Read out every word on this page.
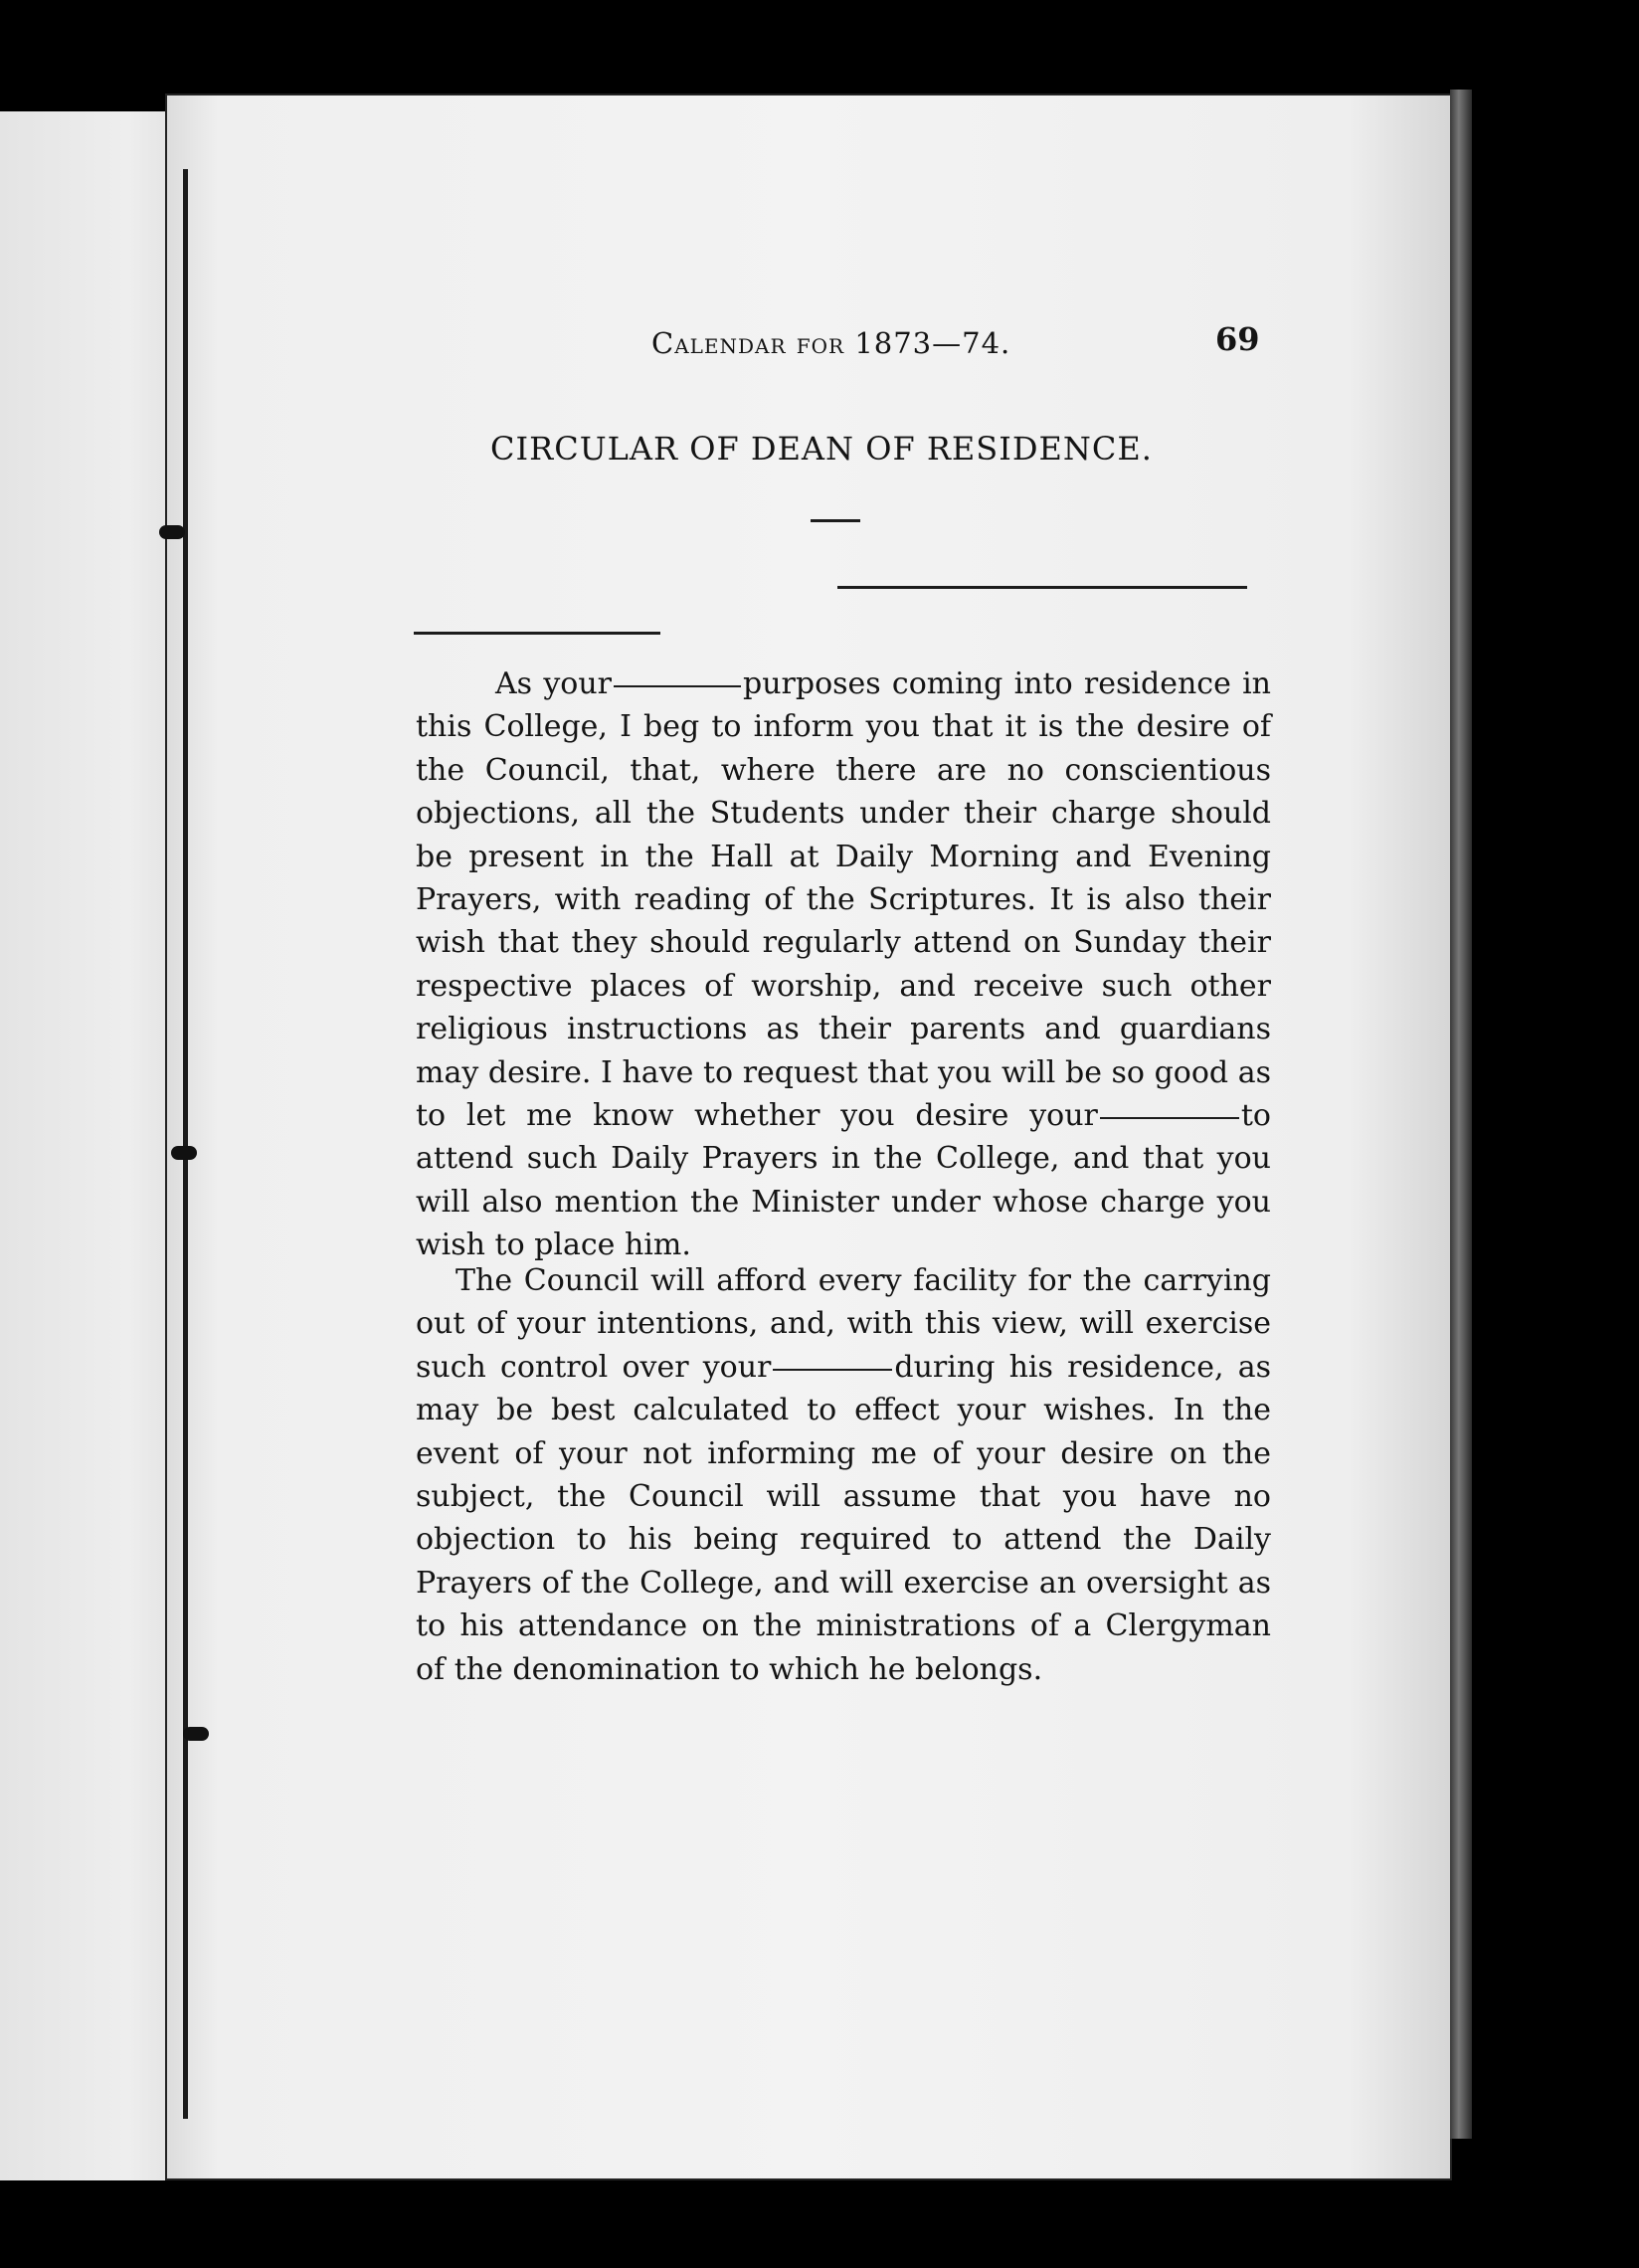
Calendar for 1873—74.	69
CIRCULAR OF DEAN OF RESIDENCE.

As your	purposes coming into residence in this College, I beg to inform you that it is the desire of the Council, that, where there are no conscientious objections, all the Students under their charge should be present in the Hall at Daily Morning and Evening Prayers, with reading of the Scriptures. It is also their wish that they should regularly attend on Sunday their respective places of worship, and receive such other religious instructions as their parents and guardians may desire. I have to request that you will be so good as to let me know whether you desire your	to attend such Daily Prayers in the College, and that you will also mention the Minister under whose charge you wish to place him.

The Council will afford every facility for the carrying out of your intentions, and, with this view, will exercise such control over your	during his residence, as may be best calculated to effect your wishes. In the event of your not informing me of your desire on the subject, the Council will assume that you have no objection to his being required to attend the Daily Prayers of the College, and will exercise an oversight as to his attendance on the ministrations of a Clergyman of the denomination to which he belongs.
